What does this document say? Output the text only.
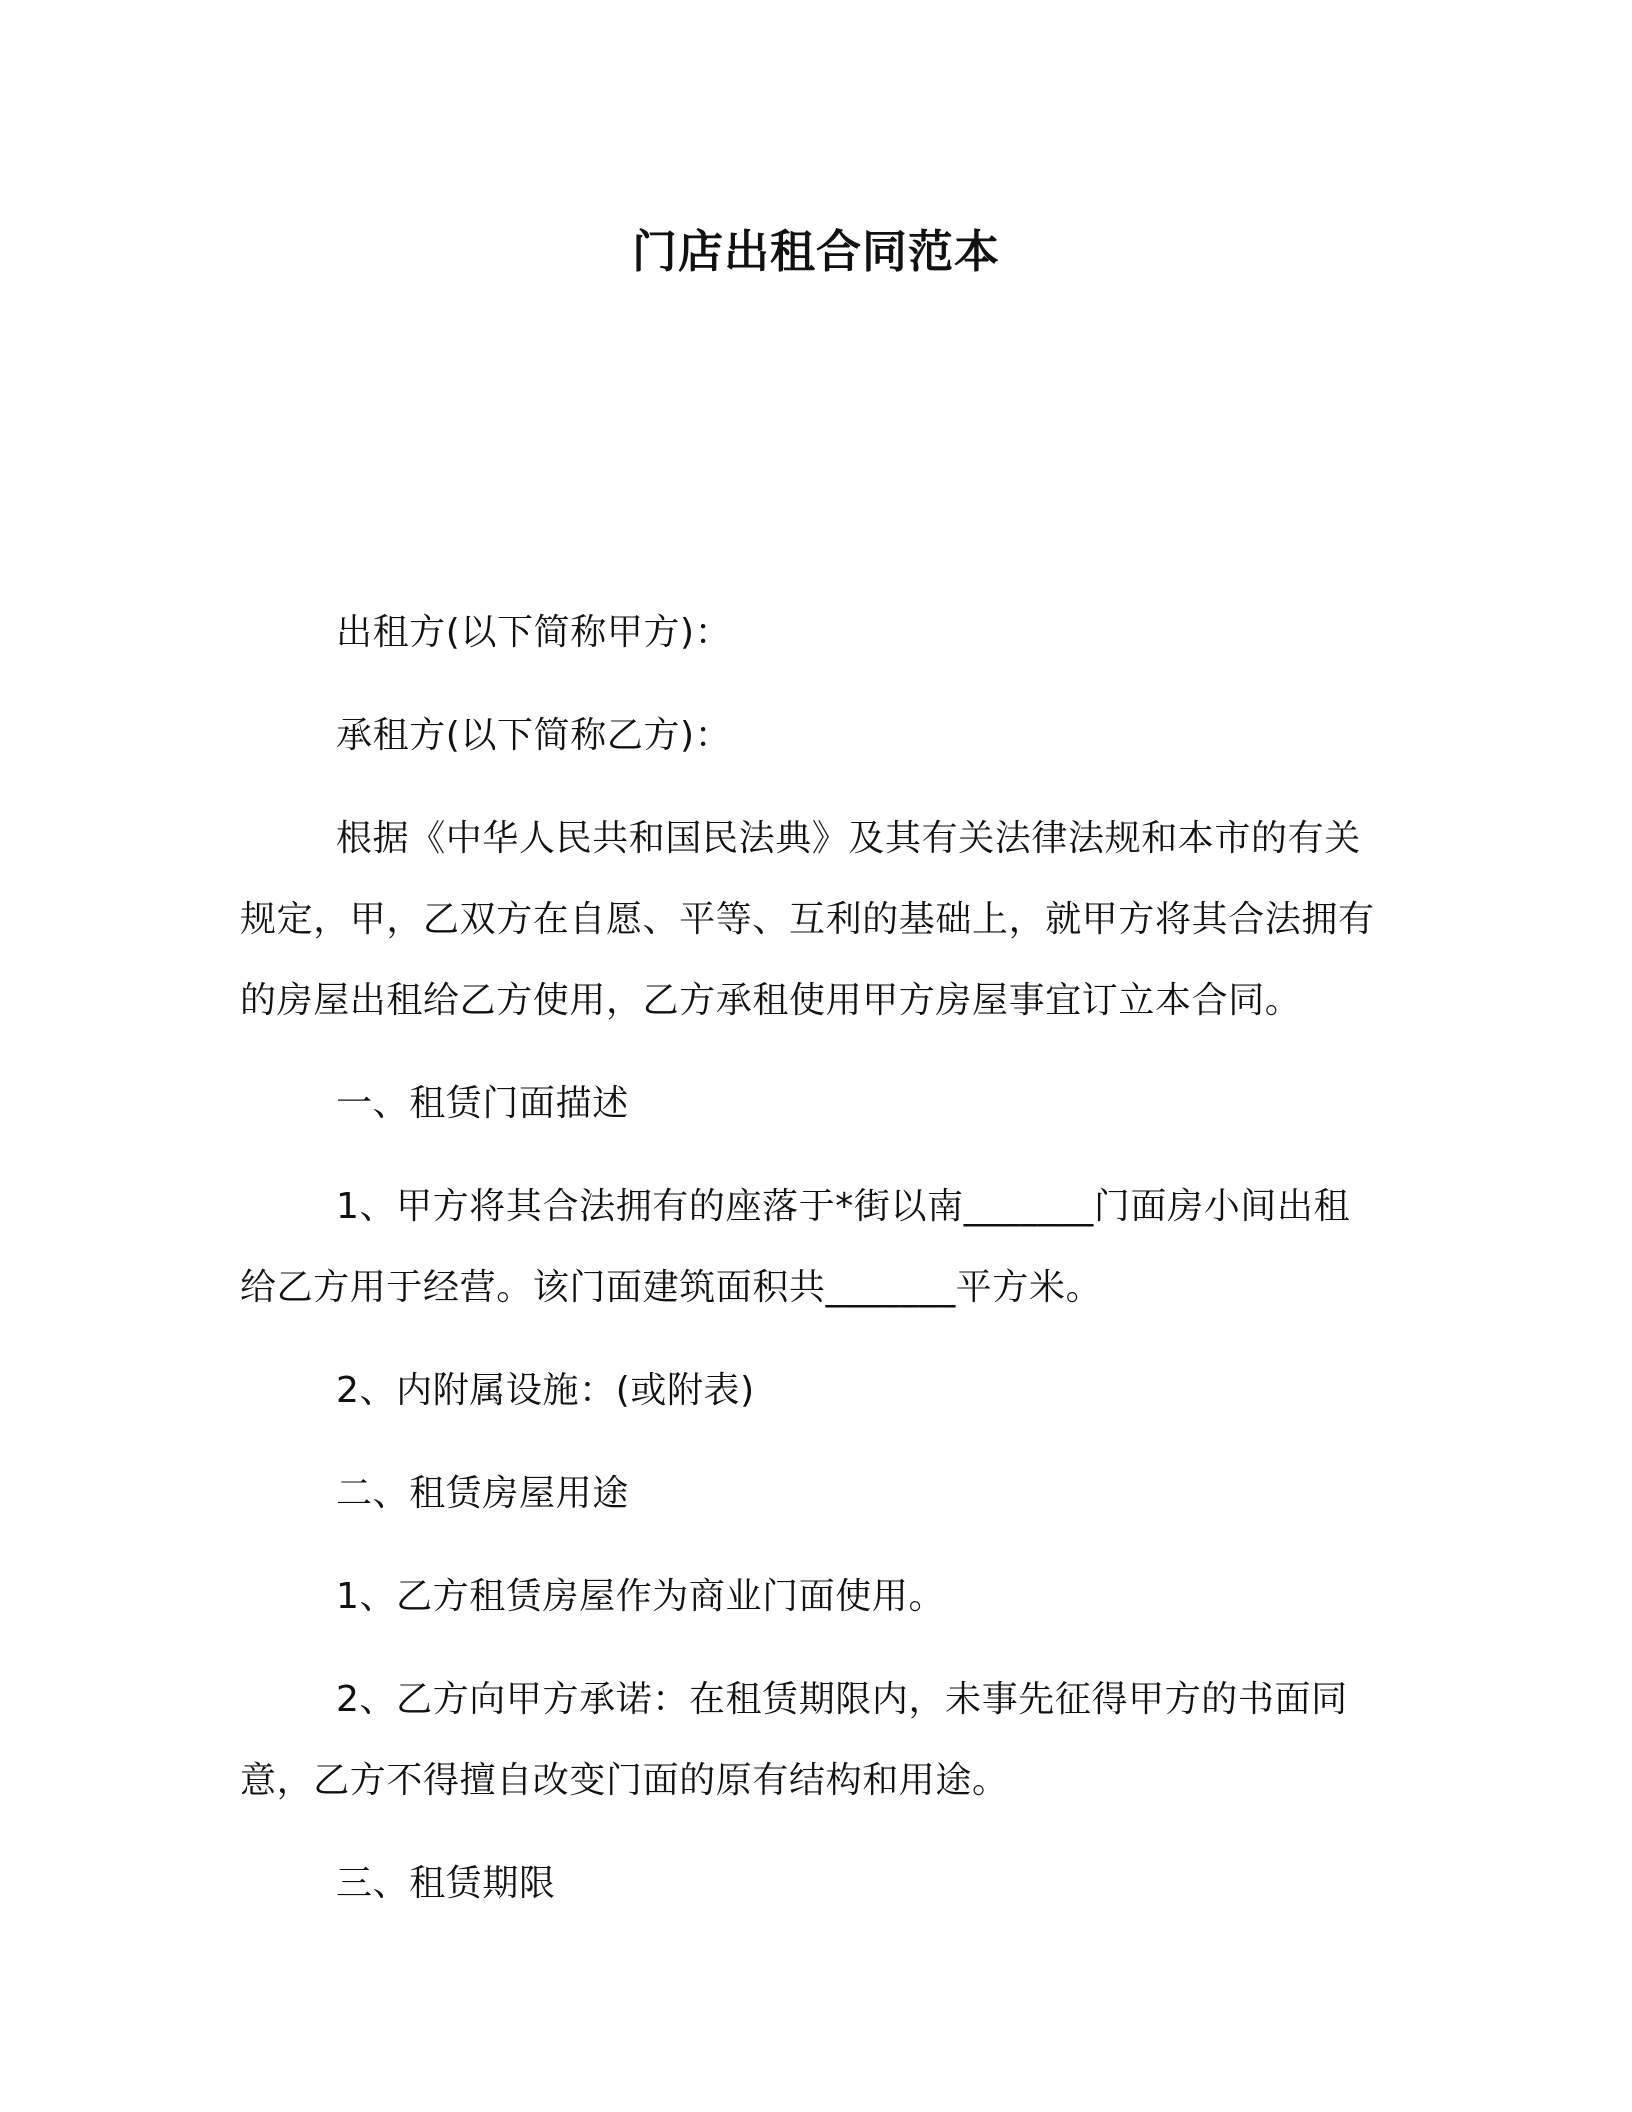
门店出租合同范本

出租方(以下简称甲方)：

承租方(以下简称乙方)：

根据《中华人民共和国民法典》及其有关法律法规和本市的有关规定，甲，乙双方在自愿、平等、互利的基础上，就甲方将其合法拥有的房屋出租给乙方使用，乙方承租使用甲方房屋事宜订立本合同。

一、租赁门面描述

1、甲方将其合法拥有的座落于*街以南_______门面房小间出租给乙方用于经营。该门面建筑面积共_______平方米。

2、内附属设施：(或附表)

二、租赁房屋用途

1、乙方租赁房屋作为商业门面使用。

2、乙方向甲方承诺：在租赁期限内，未事先征得甲方的书面同意，乙方不得擅自改变门面的原有结构和用途。

三、租赁期限
